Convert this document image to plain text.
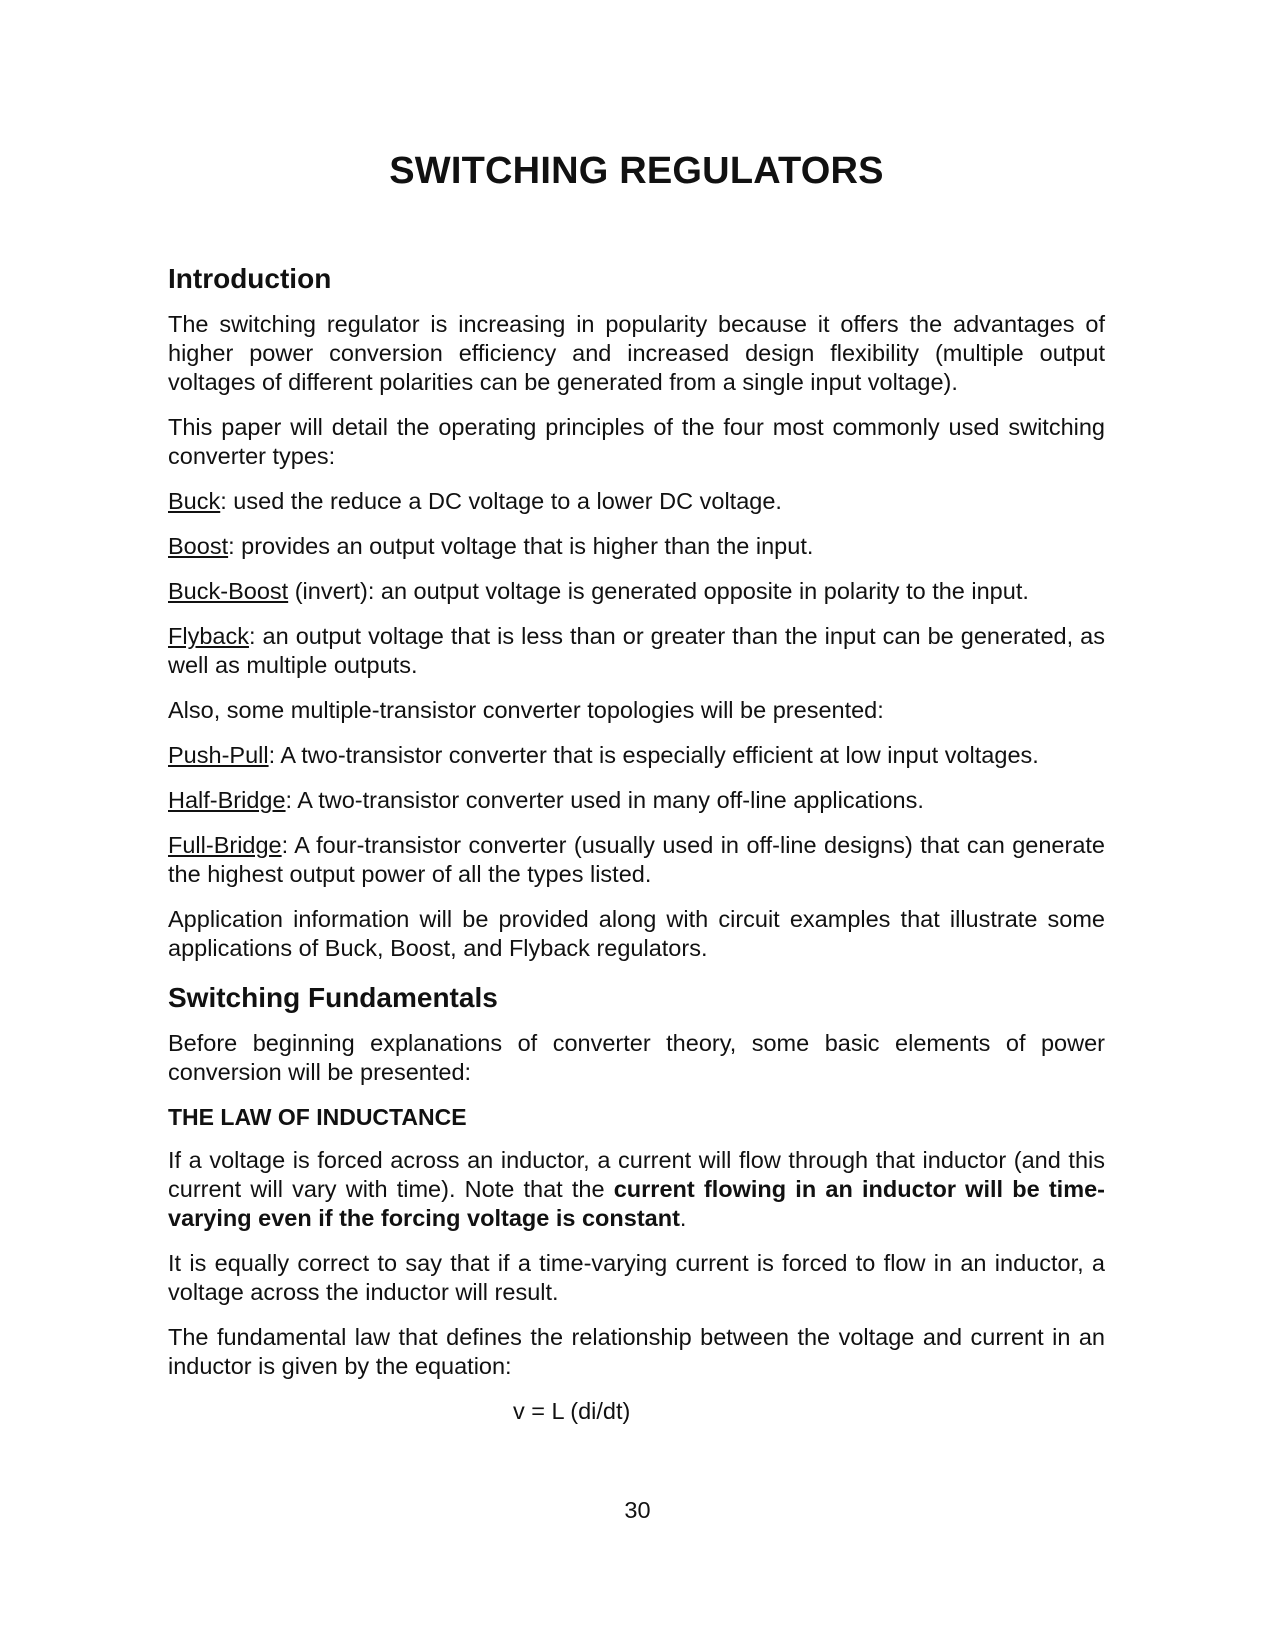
SWITCHING REGULATORS
Introduction

The switching regulator is increasing in popularity because it offers the advantages of higher power conversion efficiency and increased design flexibility (multiple output voltages of different polarities can be generated from a single input voltage).

This paper will detail the operating principles of the four most commonly used switching converter types:

Buck: used the reduce a DC voltage to a lower DC voltage.

Boost: provides an output voltage that is higher than the input.

Buck-Boost (invert): an output voltage is generated opposite in polarity to the input.

Flyback: an output voltage that is less than or greater than the input can be generated, as well as multiple outputs.

Also, some multiple-transistor converter topologies will be presented:

Push-Pull: A two-transistor converter that is especially efficient at low input voltages.

Half-Bridge: A two-transistor converter used in many off-line applications.

Full-Bridge: A four-transistor converter (usually used in off-line designs) that can generate the highest output power of all the types listed.

Application information will be provided along with circuit examples that illustrate some applications of Buck, Boost, and Flyback regulators.

Switching Fundamentals

Before beginning explanations of converter theory, some basic elements of power conversion will be presented:

THE LAW OF INDUCTANCE

If a voltage is forced across an inductor, a current will flow through that inductor (and this current will vary with time). Note that the current flowing in an inductor will be time-varying even if the forcing voltage is constant.

It is equally correct to say that if a time-varying current is forced to flow in an inductor, a voltage across the inductor will result.

The fundamental law that defines the relationship between the voltage and current in an inductor is given by the equation:

v = L (di/dt)

30
